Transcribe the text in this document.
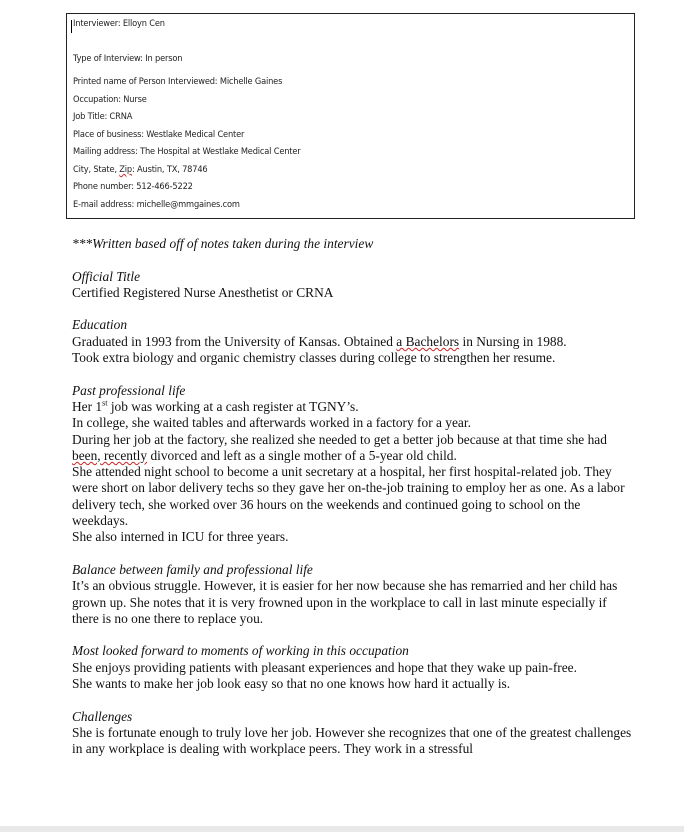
Interviewer: Elloyn Cen

Type of Interview: In person

Printed name of Person Interviewed: Michelle Gaines

Occupation: Nurse

Job Title: CRNA

Place of business: Westlake Medical Center

Mailing address: The Hospital at Westlake Medical Center

City, State, Zip: Austin, TX, 78746

Phone number: 512-466-5222

E-mail address: michelle@mmgaines.com

***Written based off of notes taken during the interview

Official Title

Certified Registered Nurse Anesthetist or CRNA

Education

Graduated in 1993 from the University of Kansas. Obtained a Bachelors in Nursing in 1988.

Took extra biology and organic chemistry classes during college to strengthen her resume.

Past professional life

Her 1st job was working at a cash register at TGNY’s.

In college, she waited tables and afterwards worked in a factory for a year.

During her job at the factory, she realized she needed to get a better job because at that time she had been, recently divorced and left as a single mother of a 5-year old child.

She attended night school to become a unit secretary at a hospital, her first hospital-related job. They were short on labor delivery techs so they gave her on-the-job training to employ her as one. As a labor delivery tech, she worked over 36 hours on the weekends and continued going to school on the weekdays.

She also interned in ICU for three years.

Balance between family and professional life

It’s an obvious struggle. However, it is easier for her now because she has remarried and her child has grown up. She notes that it is very frowned upon in the workplace to call in last minute especially if there is no one there to replace you.

Most looked forward to moments of working in this occupation

She enjoys providing patients with pleasant experiences and hope that they wake up pain-free.

She wants to make her job look easy so that no one knows how hard it actually is.

Challenges

She is fortunate enough to truly love her job. However she recognizes that one of the greatest challenges in any workplace is dealing with workplace peers. They work in a stressful
